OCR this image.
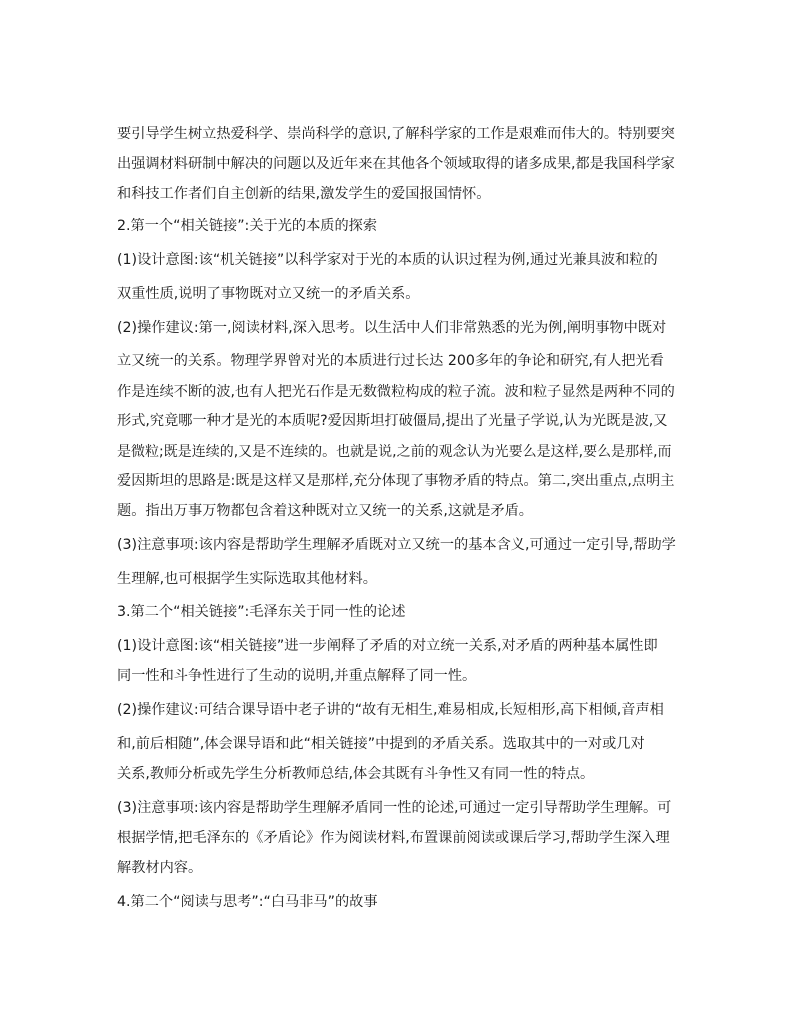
要引导学生树立热爱科学、崇尚科学的意识,了解科学家的工作是艰难而伟大的。特别要突
出强调材料研制中解决的问题以及近年来在其他各个领域取得的诸多成果,都是我国科学家
和科技工作者们自主创新的结果,激发学生的爱国报国情怀。
2.第一个“相关链接”:关于光的本质的探索
(1)设计意图:该“机关链接”以科学家对于光的本质的认识过程为例,通过光兼具波和粒的
双重性质,说明了事物既对立又统一的矛盾关系。
(2)操作建议:第一,阅读材料,深入思考。以生活中人们非常熟悉的光为例,阐明事物中既对
立又统一的关系。物理学界曾对光的本质进行过长达 200多年的争论和研究,有人把光看
作是连续不断的波,也有人把光石作是无数微粒构成的粒子流。波和粒子显然是两种不同的
形式,究竟哪一种才是光的本质呢?爱因斯坦打破僵局,提出了光量子学说,认为光既是波,又
是微粒;既是连续的,又是不连续的。也就是说,之前的观念认为光要么是这样,要么是那样,而
爱因斯坦的思路是:既是这样又是那样,充分体现了事物矛盾的特点。第二,突出重点,点明主
题。指出万事万物都包含着这种既对立又统一的关系,这就是矛盾。
(3)注意事项:该内容是帮助学生理解矛盾既对立又统一的基本含义,可通过一定引导,帮助学
生理解,也可根据学生实际选取其他材料。
3.第二个“相关链接”:毛泽东关于同一性的论述
(1)设计意图:该“相关链接”进一步阐释了矛盾的对立统一关系,对矛盾的两种基本属性即
同一性和斗争性进行了生动的说明,并重点解释了同一性。
(2)操作建议:可结合课导语中老子讲的“故有无相生,难易相成,长短相形,高下相倾,音声相
和,前后相随”,体会课导语和此“相关链接”中提到的矛盾关系。选取其中的一对或几对
关系,教师分析或先学生分析教师总结,体会其既有斗争性又有同一性的特点。
(3)注意事项:该内容是帮助学生理解矛盾同一性的论述,可通过一定引导帮助学生理解。可
根据学情,把毛泽东的《矛盾论》作为阅读材料,布置课前阅读或课后学习,帮助学生深入理
解教材内容。
4.第二个“阅读与思考”:“白马非马”的故事
